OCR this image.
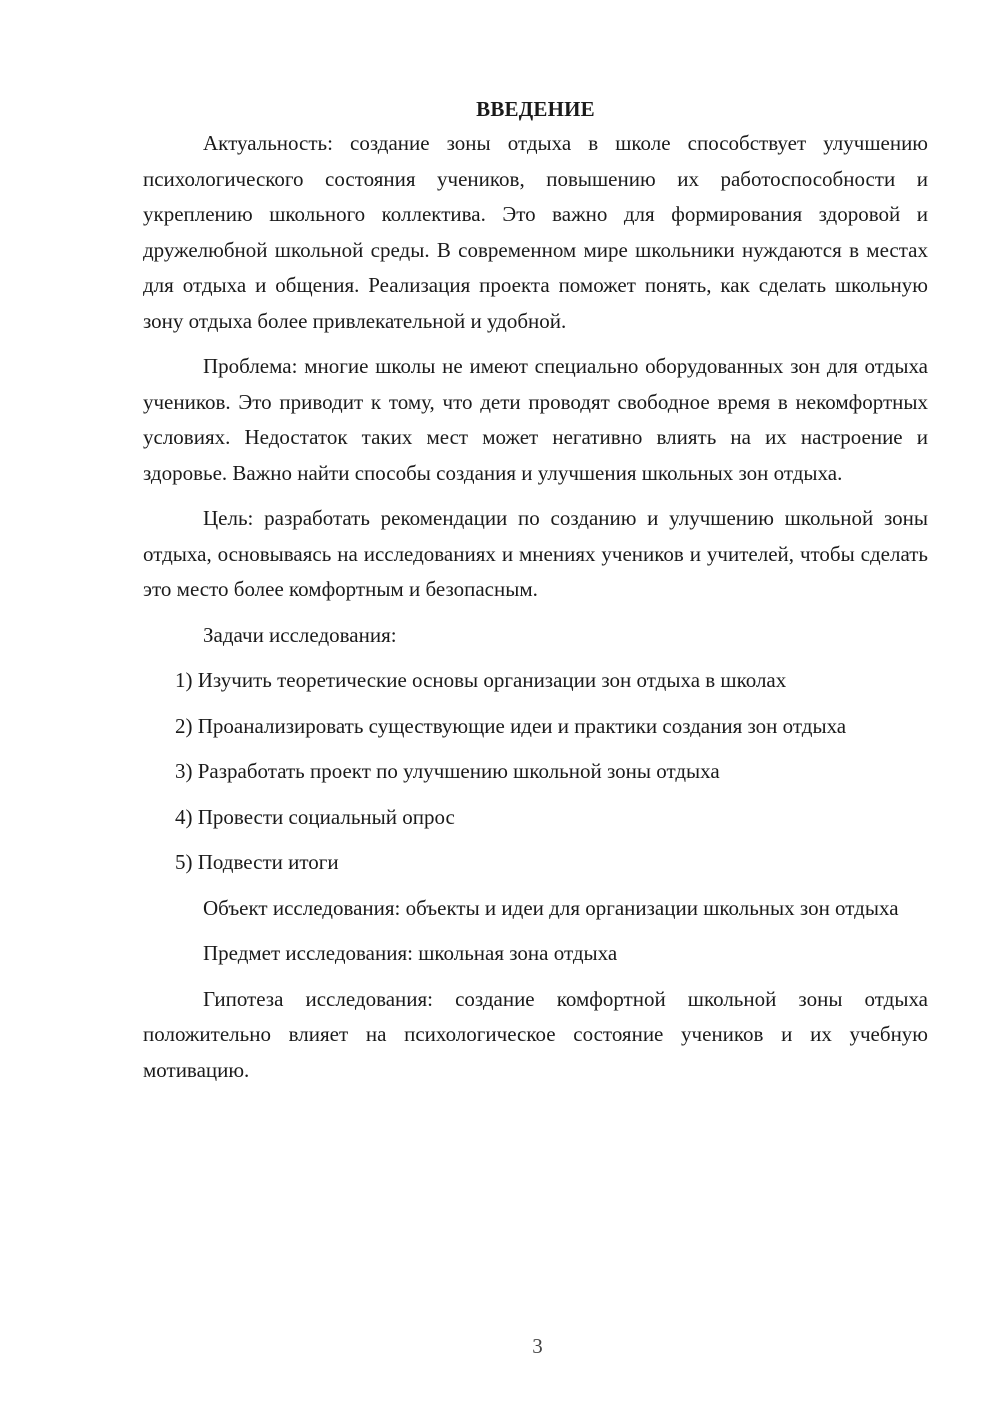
ВВЕДЕНИЕ

Актуальность: создание зоны отдыха в школе способствует улучшению психологического состояния учеников, повышению их работоспособности и укреплению школьного коллектива. Это важно для формирования здоровой и дружелюбной школьной среды. В современном мире школьники нуждаются в местах для отдыха и общения. Реализация проекта поможет понять, как сделать школьную зону отдыха более привлекательной и удобной.

Проблема: многие школы не имеют специально оборудованных зон для отдыха учеников. Это приводит к тому, что дети проводят свободное время в некомфортных условиях. Недостаток таких мест может негативно влиять на их настроение и здоровье. Важно найти способы создания и улучшения школьных зон отдыха.

Цель: разработать рекомендации по созданию и улучшению школьной зоны отдыха, основываясь на исследованиях и мнениях учеников и учителей, чтобы сделать это место более комфортным и безопасным.

Задачи исследования:

1) Изучить теоретические основы организации зон отдыха в школах

2) Проанализировать существующие идеи и практики создания зон отдыха

3) Разработать проект по улучшению школьной зоны отдыха

4) Провести социальный опрос

5) Подвести итоги

Объект исследования: объекты и идеи для организации школьных зон отдыха

Предмет исследования: школьная зона отдыха

Гипотеза исследования: создание комфортной школьной зоны отдыха положительно влияет на психологическое состояние учеников и их учебную мотивацию.

3
